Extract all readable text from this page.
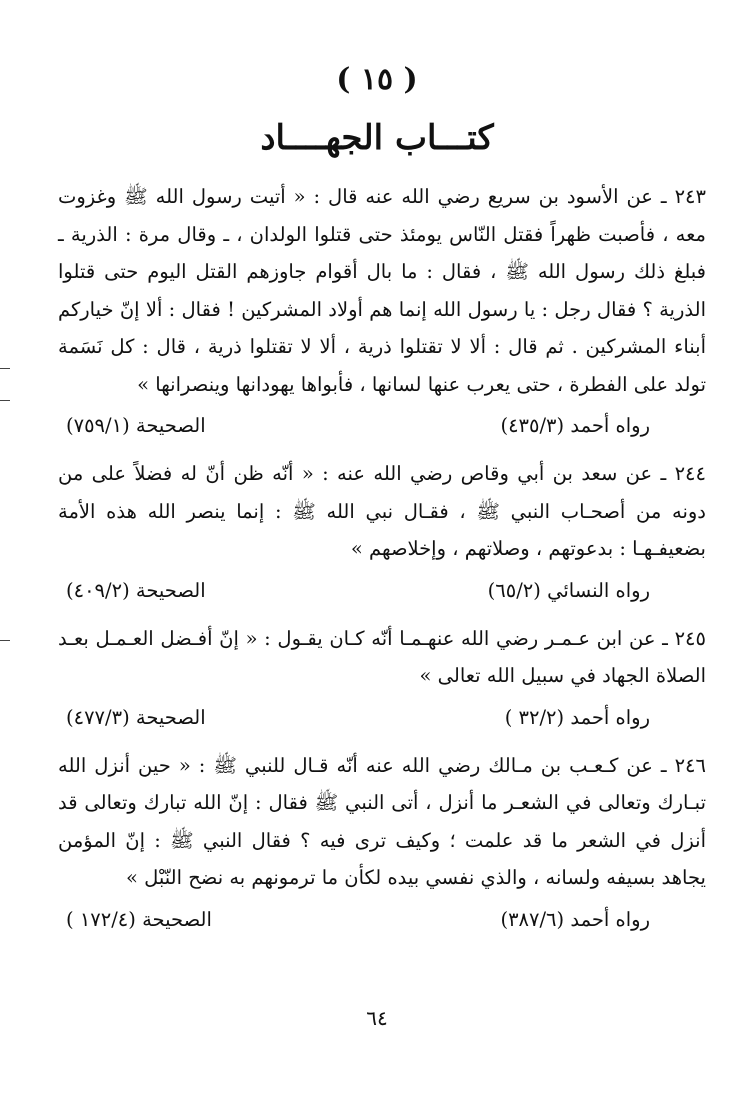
( ١٥ )
كتـــاب الجهــــاد

٢٤٣ ـ عن الأسود بن سريع رضي الله عنه قال : « أتيت رسول الله ﷺ وغزوت معه ، فأصبت ظهراً فقتل النّاس يومئذ حتى قتلوا الولدان ، ـ وقال مرة : الذرية ـ فبلغ ذلك رسول الله ﷺ ، فقال : ما بال أقوام جاوزهم القتل اليوم حتى قتلوا الذرية ؟ فقال رجل : يا رسول الله إنما هم أولاد المشركين ! فقال : ألا إنّ خياركم أبناء المشركين . ثم قال : ألا لا تقتلوا ذرية ، ألا لا تقتلوا ذرية ، قال : كل نَسَمة تولد على الفطرة ، حتى يعرب عنها لسانها ، فأبواها يهودانها وينصرانها »

رواه أحمد (٤٣٥/٣)
الصحيحة (٧٥٩/١)

٢٤٤ ـ عن سعد بن أبي وقاص رضي الله عنه : « أنّه ظن أنّ له فضلاً على من دونه من أصحـاب النبي ﷺ ، فقـال نبي الله ﷺ : إنما ينصر الله هذه الأمة بضعيفـهـا : بدعوتهم ، وصلاتهم ، وإخلاصهم »

رواه النسائي (٦٥/٢)
الصحيحة (٤٠٩/٢)

٢٤٥ ـ عن ابن عـمـر رضي الله عنهـمـا أنّه كـان يقـول : « إنّ أفـضل العـمـل بعـد الصلاة الجهاد في سبيل الله تعالى »

رواه أحمد (٣٢/٢ )
الصحيحة (٤٧٧/٣)

٢٤٦ ـ عن كـعـب بن مـالك رضي الله عنه أنّه قـال للنبي ﷺ : « حين أنزل الله تبـارك وتعالى في الشعـر ما أنزل ، أتى النبي ﷺ فقال : إنّ الله تبارك وتعالى قد أنزل في الشعر ما قد علمت ؛ وكيف ترى فيه ؟ فقال النبي ﷺ : إنّ المؤمن يجاهد بسيفه ولسانه ، والذي نفسي بيده لكأن ما ترمونهم به نضح النّبْل »

رواه أحمد (٣٨٧/٦)
الصحيحة (١٧٢/٤ )
٦٤
